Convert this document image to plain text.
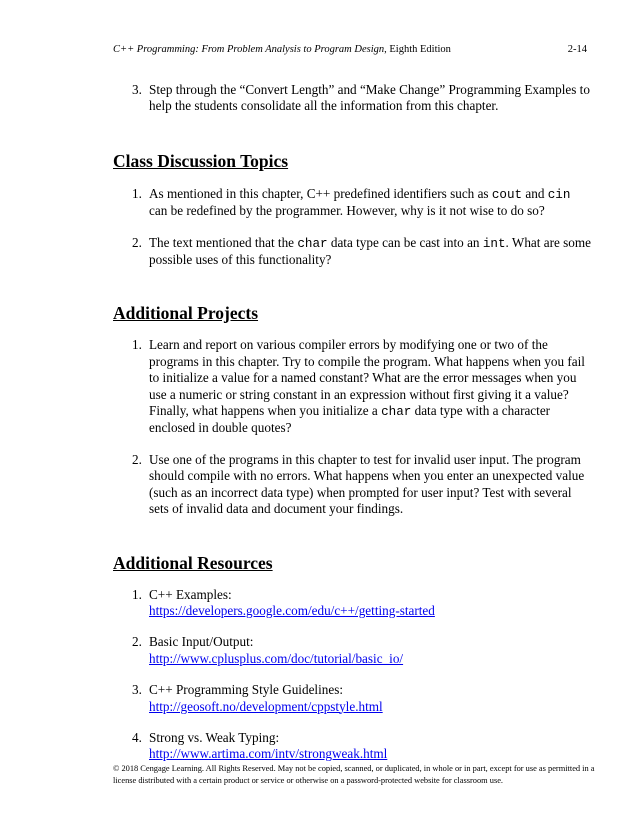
C++ Programming: From Problem Analysis to Program Design, Eighth Edition	2-14
3. Step through the “Convert Length” and “Make Change” Programming Examples to help the students consolidate all the information from this chapter.
Class Discussion Topics
1. As mentioned in this chapter, C++ predefined identifiers such as cout and cin can be redefined by the programmer. However, why is it not wise to do so?
2. The text mentioned that the char data type can be cast into an int. What are some possible uses of this functionality?
Additional Projects
1. Learn and report on various compiler errors by modifying one or two of the programs in this chapter. Try to compile the program. What happens when you fail to initialize a value for a named constant? What are the error messages when you use a numeric or string constant in an expression without first giving it a value? Finally, what happens when you initialize a char data type with a character enclosed in double quotes?
2. Use one of the programs in this chapter to test for invalid user input. The program should compile with no errors. What happens when you enter an unexpected value (such as an incorrect data type) when prompted for user input? Test with several sets of invalid data and document your findings.
Additional Resources
1. C++ Examples:
https://developers.google.com/edu/c++/getting-started
2. Basic Input/Output:
http://www.cplusplus.com/doc/tutorial/basic_io/
3. C++ Programming Style Guidelines:
http://geosoft.no/development/cppstyle.html
4. Strong vs. Weak Typing:
http://www.artima.com/intv/strongweak.html
© 2018 Cengage Learning. All Rights Reserved. May not be copied, scanned, or duplicated, in whole or in part, except for use as permitted in a license distributed with a certain product or service or otherwise on a password-protected website for classroom use.
